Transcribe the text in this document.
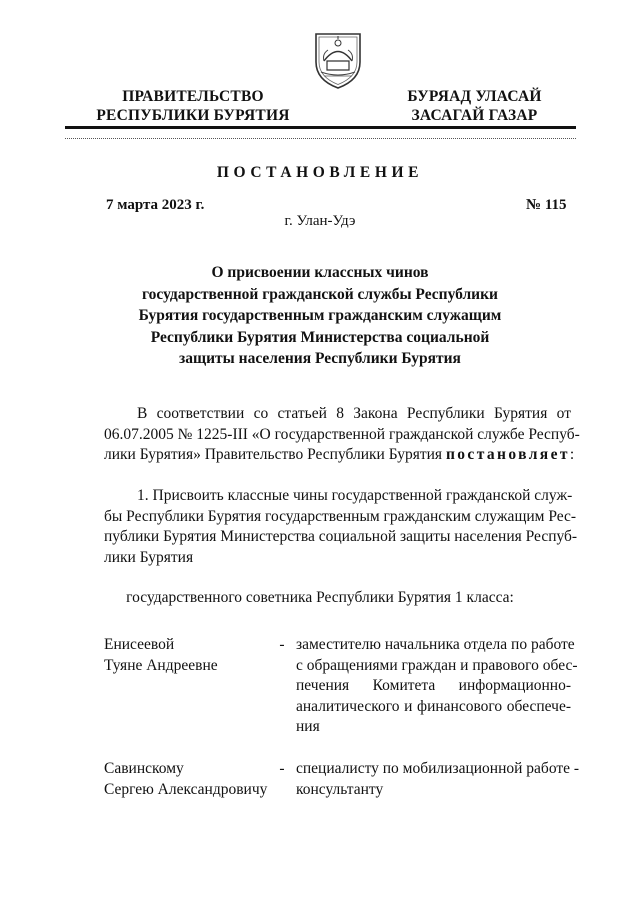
ПРАВИТЕЛЬСТВО
РЕСПУБЛИКИ БУРЯТИЯ
БУРЯАД УЛАСАЙ
ЗАСАГАЙ ГАЗАР
ПОСТАНОВЛЕНИЕ
7 марта 2023 г.	№ 115
г. Улан-Удэ
О присвоении классных чинов
государственной гражданской службы Республики
Бурятия государственным гражданским служащим
Республики Бурятия Министерства социальной
защиты населения Республики Бурятия
В соответствии со статьей 8 Закона Республики Бурятия от
06.07.2005 № 1225-III «О государственной гражданской службе Респуб-
лики Бурятия» Правительство Республики Бурятия постановляет:
1. Присвоить классные чины государственной гражданской служ-
бы Республики Бурятия государственным гражданским служащим Рес-
публики Бурятия Министерства социальной защиты населения Респуб-
лики Бурятия
государственного советника Республики Бурятия 1 класса:
Енисеевой
Туяне Андреевне
- заместителю начальника отдела по работе
с обращениями граждан и правового обес-
печения Комитета информационно-
аналитического и финансового обеспече-
ния
Савинскому
Сергею Александровичу
- специалисту по мобилизационной работе -
консультанту
